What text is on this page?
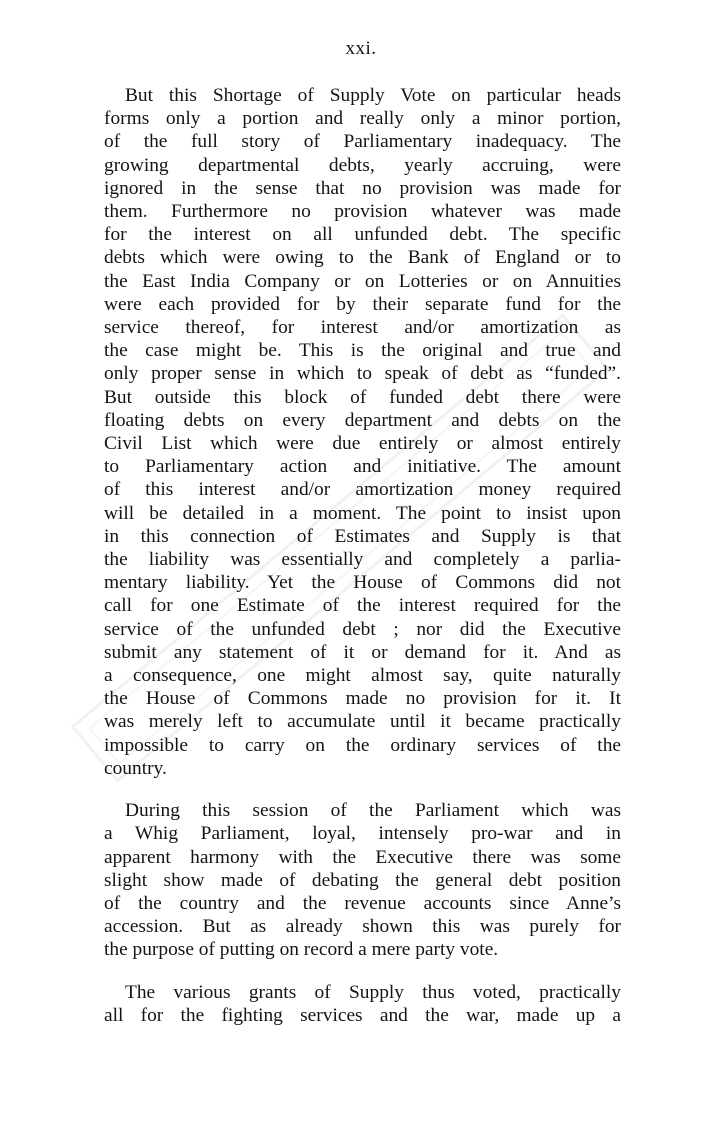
xxi.

But this Shortage of Supply Vote on particular heads
forms only a portion and really only a minor portion,
of the full story of Parliamentary inadequacy. The
growing departmental debts, yearly accruing, were
ignored in the sense that no provision was made for
them. Furthermore no provision whatever was made
for the interest on all unfunded debt. The specific
debts which were owing to the Bank of England or to
the East India Company or on Lotteries or on Annuities
were each provided for by their separate fund for the
service thereof, for interest and/or amortization as
the case might be. This is the original and true and
only proper sense in which to speak of debt as “funded”.
But outside this block of funded debt there were
floating debts on every department and debts on the
Civil List which were due entirely or almost entirely
to Parliamentary action and initiative. The amount
of this interest and/or amortization money required
will be detailed in a moment. The point to insist upon
in this connection of Estimates and Supply is that
the liability was essentially and completely a parlia-
mentary liability. Yet the House of Commons did not
call for one Estimate of the interest required for the
service of the unfunded debt ; nor did the Executive
submit any statement of it or demand for it. And as
a consequence, one might almost say, quite naturally
the House of Commons made no provision for it. It
was merely left to accumulate until it became practically
impossible to carry on the ordinary services of the
country.

During this session of the Parliament which was
a Whig Parliament, loyal, intensely pro-war and in
apparent harmony with the Executive there was some
slight show made of debating the general debt position
of the country and the revenue accounts since Anne’s
accession. But as already shown this was purely for
the purpose of putting on record a mere party vote.

The various grants of Supply thus voted, practically
all for the fighting services and the war, made up a
